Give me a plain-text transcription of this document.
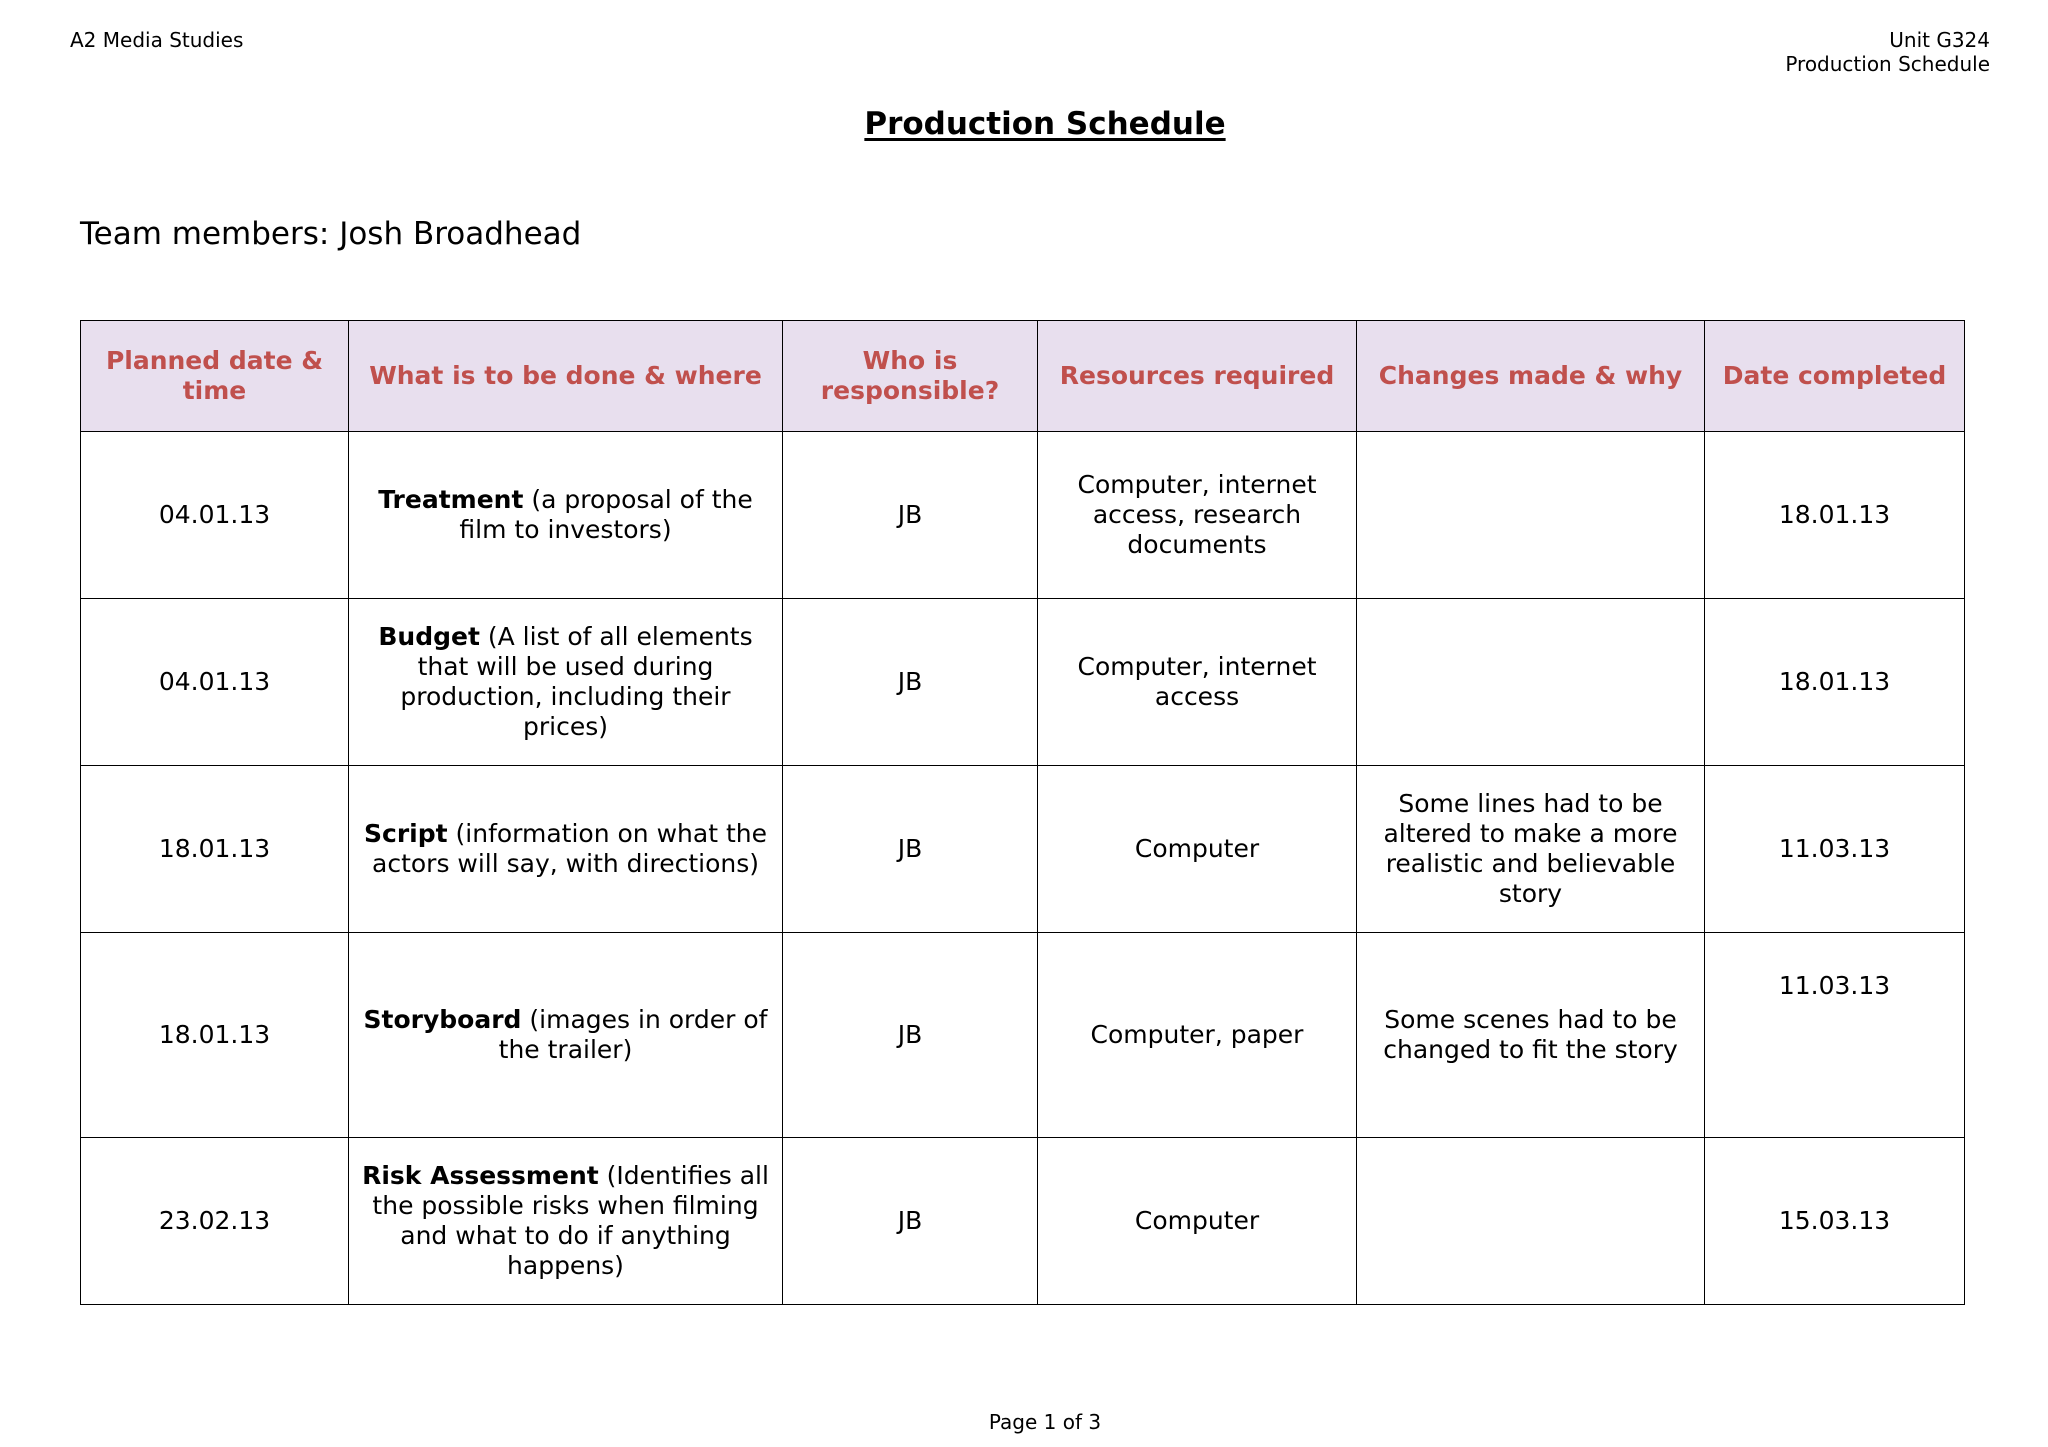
A2 Media Studies	Unit G324
Production Schedule
Production Schedule
Team members: Josh Broadhead
Planned date & time	What is to be done & where	Who is responsible?	Resources required	Changes made & why	Date completed
04.01.13	Treatment (a proposal of the film to investors)	JB	Computer, internet access, research documents		18.01.13
04.01.13	Budget (A list of all elements that will be used during production, including their prices)	JB	Computer, internet access		18.01.13
18.01.13	Script (information on what the actors will say, with directions)	JB	Computer	Some lines had to be altered to make a more realistic and believable story	11.03.13
18.01.13	Storyboard (images in order of the trailer)	JB	Computer, paper	Some scenes had to be changed to fit the story	11.03.13
23.02.13	Risk Assessment (Identifies all the possible risks when filming and what to do if anything happens)	JB	Computer		15.03.13
Page 1 of 3
